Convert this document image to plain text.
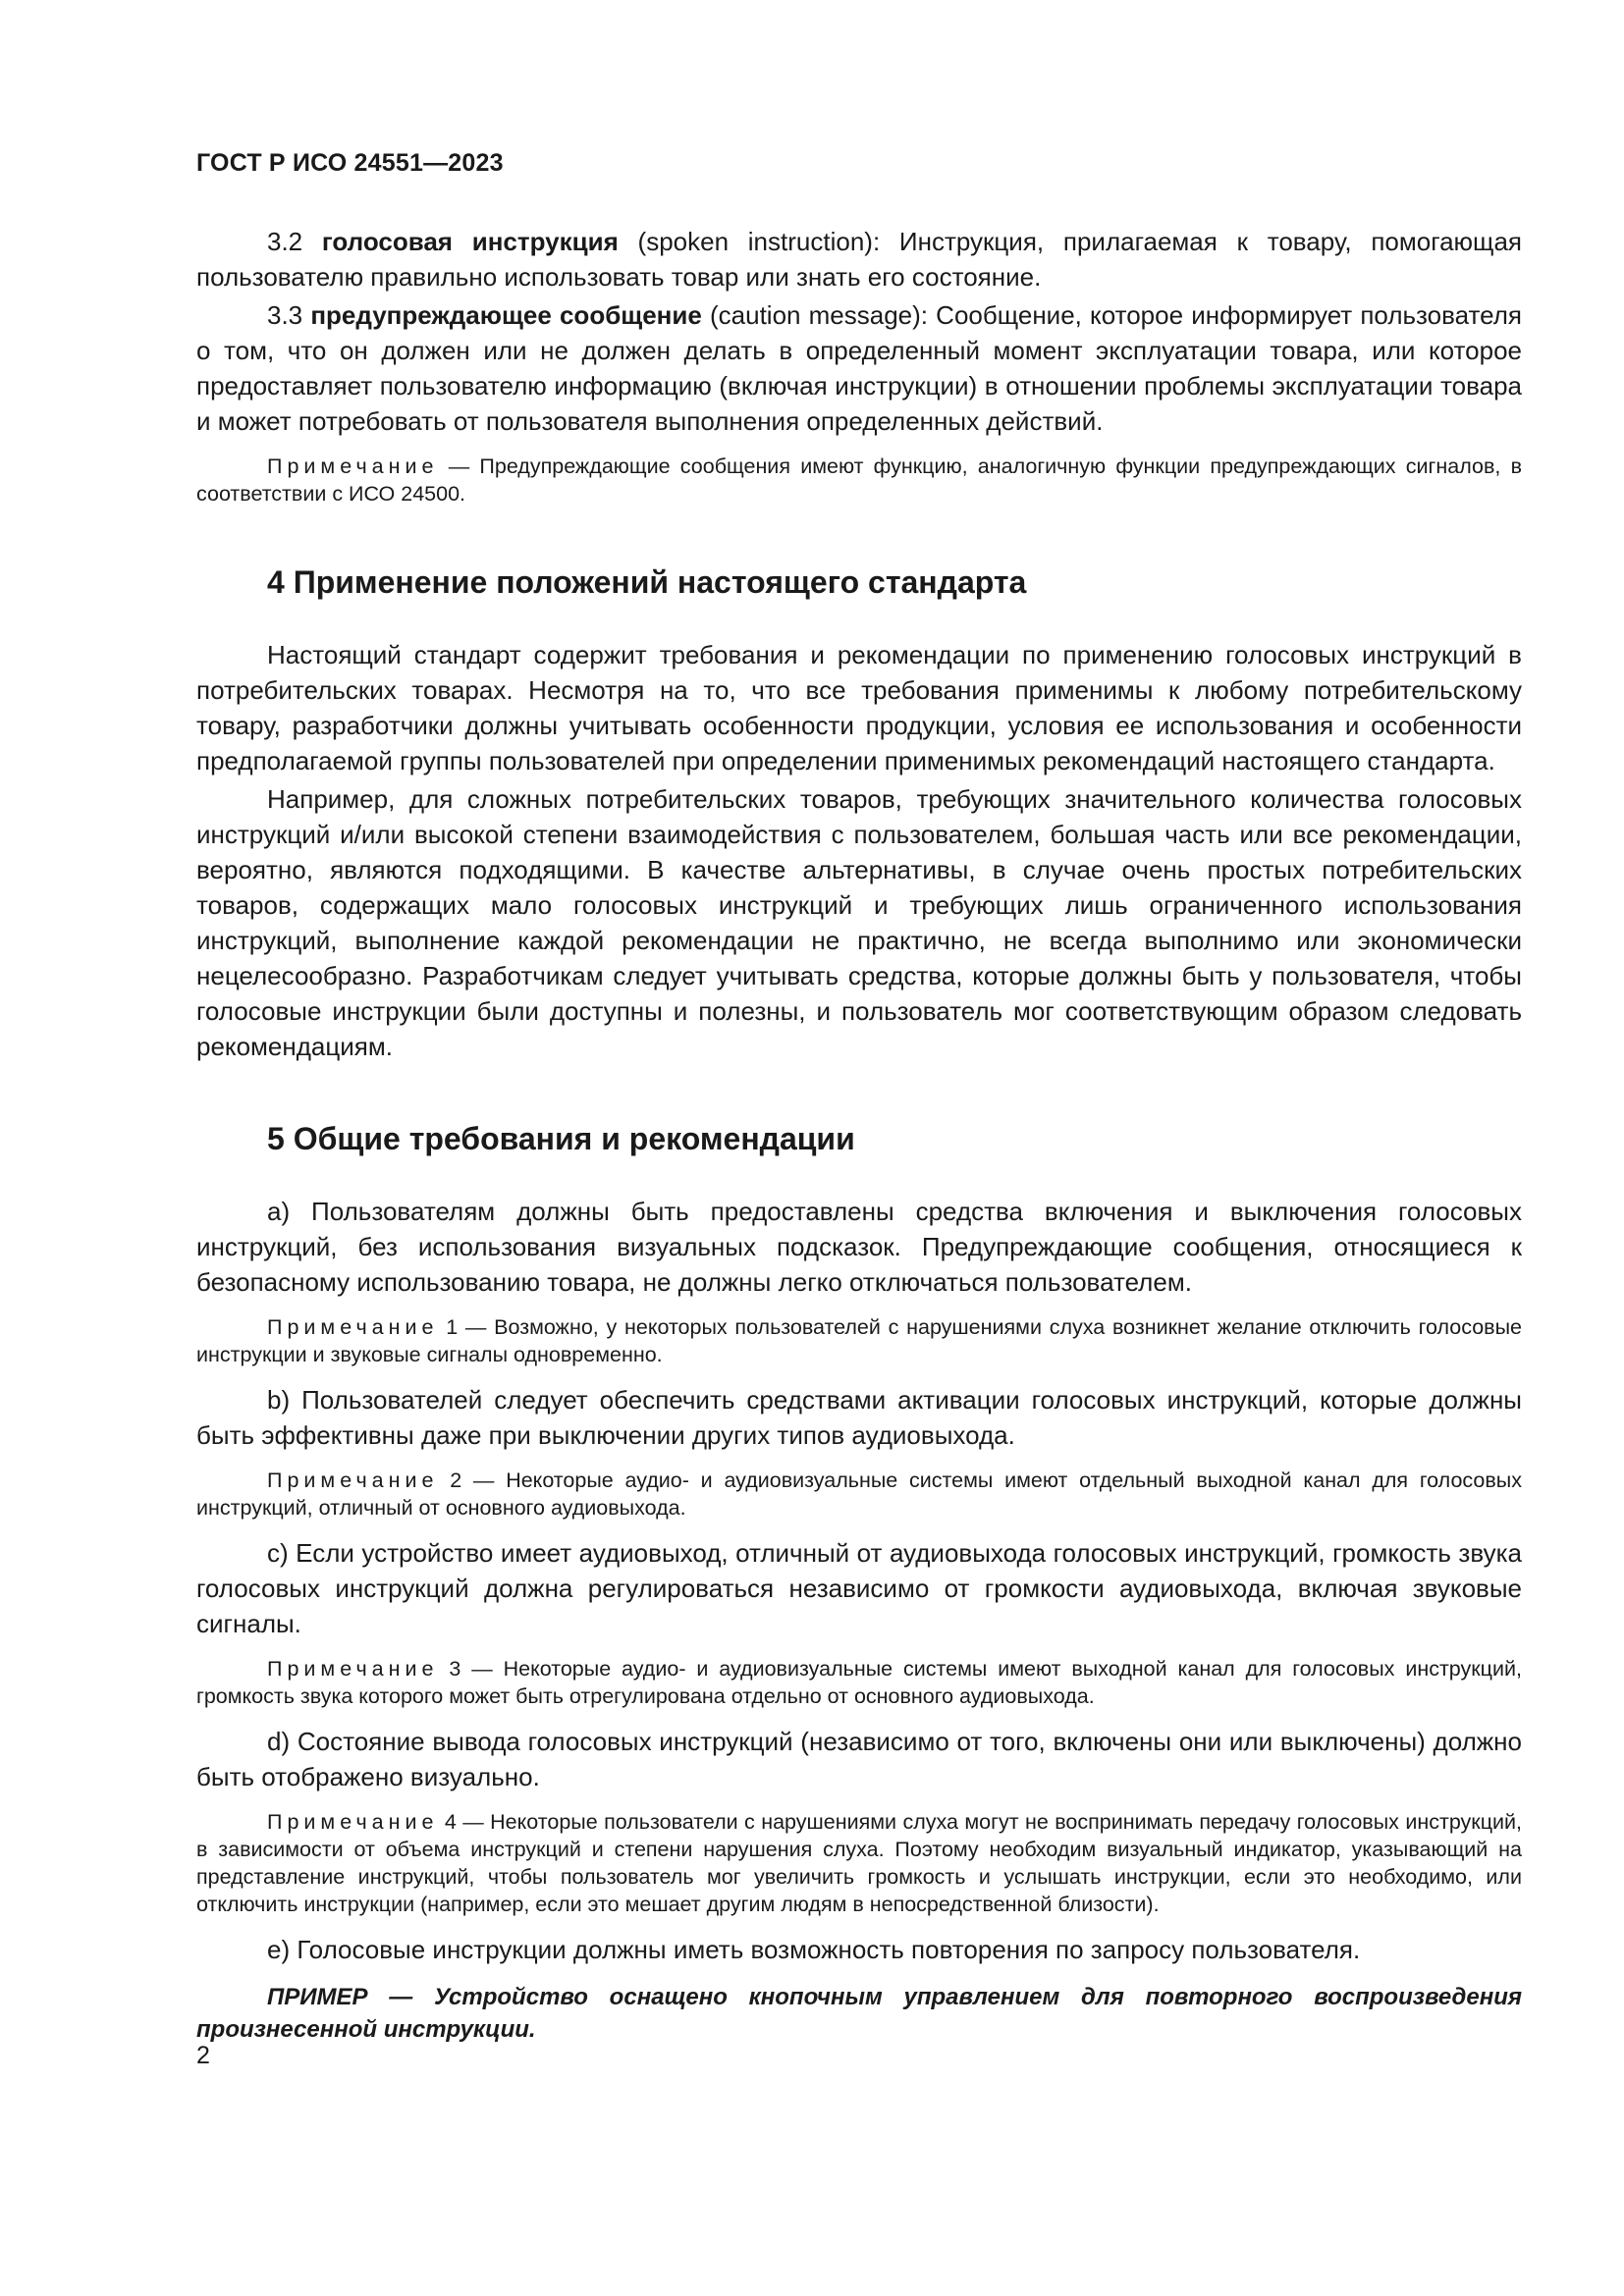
ГОСТ Р ИСО 24551—2023

3.2 голосовая инструкция (spoken instruction): Инструкция, прилагаемая к товару, помогающая пользователю правильно использовать товар или знать его состояние.

3.3 предупреждающее сообщение (caution message): Сообщение, которое информирует пользователя о том, что он должен или не должен делать в определенный момент эксплуатации товара, или которое предоставляет пользователю информацию (включая инструкции) в отношении проблемы эксплуатации товара и может потребовать от пользователя выполнения определенных действий.

Примечание — Предупреждающие сообщения имеют функцию, аналогичную функции предупреждающих сигналов, в соответствии с ИСО 24500.

4 Применение положений настоящего стандарта

Настоящий стандарт содержит требования и рекомендации по применению голосовых инструкций в потребительских товарах. Несмотря на то, что все требования применимы к любому потребительскому товару, разработчики должны учитывать особенности продукции, условия ее использования и особенности предполагаемой группы пользователей при определении применимых рекомендаций настоящего стандарта.

Например, для сложных потребительских товаров, требующих значительного количества голосовых инструкций и/или высокой степени взаимодействия с пользователем, большая часть или все рекомендации, вероятно, являются подходящими. В качестве альтернативы, в случае очень простых потребительских товаров, содержащих мало голосовых инструкций и требующих лишь ограниченного использования инструкций, выполнение каждой рекомендации не практично, не всегда выполнимо или экономически нецелесообразно. Разработчикам следует учитывать средства, которые должны быть у пользователя, чтобы голосовые инструкции были доступны и полезны, и пользователь мог соответствующим образом следовать рекомендациям.

5 Общие требования и рекомендации

a) Пользователям должны быть предоставлены средства включения и выключения голосовых инструкций, без использования визуальных подсказок. Предупреждающие сообщения, относящиеся к безопасному использованию товара, не должны легко отключаться пользователем.

Примечание 1 — Возможно, у некоторых пользователей с нарушениями слуха возникнет желание отключить голосовые инструкции и звуковые сигналы одновременно.

b) Пользователей следует обеспечить средствами активации голосовых инструкций, которые должны быть эффективны даже при выключении других типов аудиовыхода.

Примечание 2 — Некоторые аудио- и аудиовизуальные системы имеют отдельный выходной канал для голосовых инструкций, отличный от основного аудиовыхода.

c) Если устройство имеет аудиовыход, отличный от аудиовыхода голосовых инструкций, громкость звука голосовых инструкций должна регулироваться независимо от громкости аудиовыхода, включая звуковые сигналы.

Примечание 3 — Некоторые аудио- и аудиовизуальные системы имеют выходной канал для голосовых инструкций, громкость звука которого может быть отрегулирована отдельно от основного аудиовыхода.

d) Состояние вывода голосовых инструкций (независимо от того, включены они или выключены) должно быть отображено визуально.

Примечание 4 — Некоторые пользователи с нарушениями слуха могут не воспринимать передачу голосовых инструкций, в зависимости от объема инструкций и степени нарушения слуха. Поэтому необходим визуальный индикатор, указывающий на представление инструкций, чтобы пользователь мог увеличить громкость и услышать инструкции, если это необходимо, или отключить инструкции (например, если это мешает другим людям в непосредственной близости).

e) Голосовые инструкции должны иметь возможность повторения по запросу пользователя.

ПРИМЕР — Устройство оснащено кнопочным управлением для повторного воспроизведения произнесенной инструкции.

2
